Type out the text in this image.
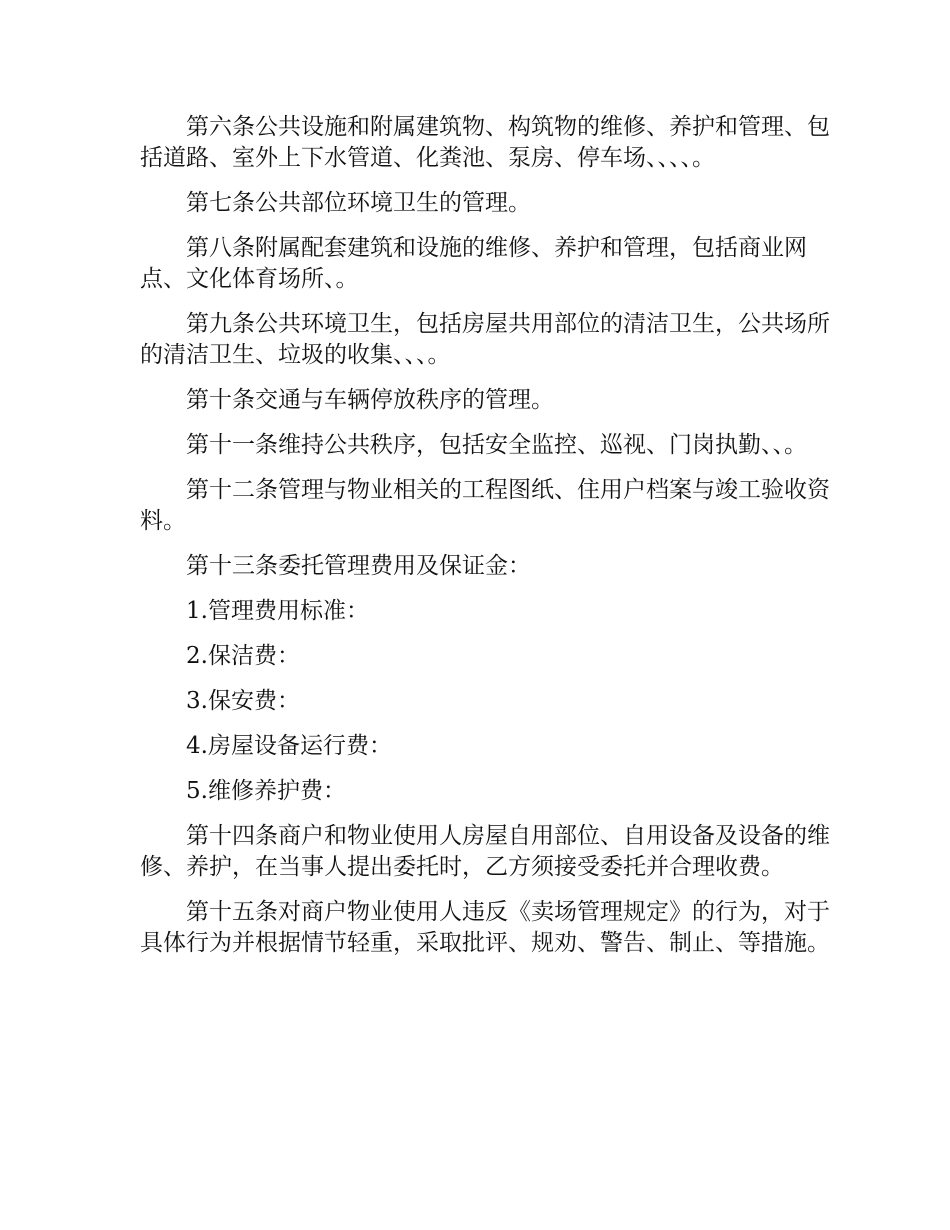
第六条公共设施和附属建筑物、构筑物的维修、养护和管理、包括道路、室外上下水管道、化粪池、泵房、停车场、、、、。

第七条公共部位环境卫生的管理。

第八条附属配套建筑和设施的维修、养护和管理，包括商业网点、文化体育场所、。

第九条公共环境卫生，包括房屋共用部位的清洁卫生，公共场所的清洁卫生、垃圾的收集、、、。

第十条交通与车辆停放秩序的管理。

第十一条维持公共秩序，包括安全监控、巡视、门岗执勤、、。

第十二条管理与物业相关的工程图纸、住用户档案与竣工验收资料。

第十三条委托管理费用及保证金：

1.管理费用标准：

2.保洁费：

3.保安费：

4.房屋设备运行费：

5.维修养护费：

第十四条商户和物业使用人房屋自用部位、自用设备及设备的维修、养护，在当事人提出委托时，乙方须接受委托并合理收费。

第十五条对商户物业使用人违反《卖场管理规定》的行为，对于具体行为并根据情节轻重，采取批评、规劝、警告、制止、等措施。
